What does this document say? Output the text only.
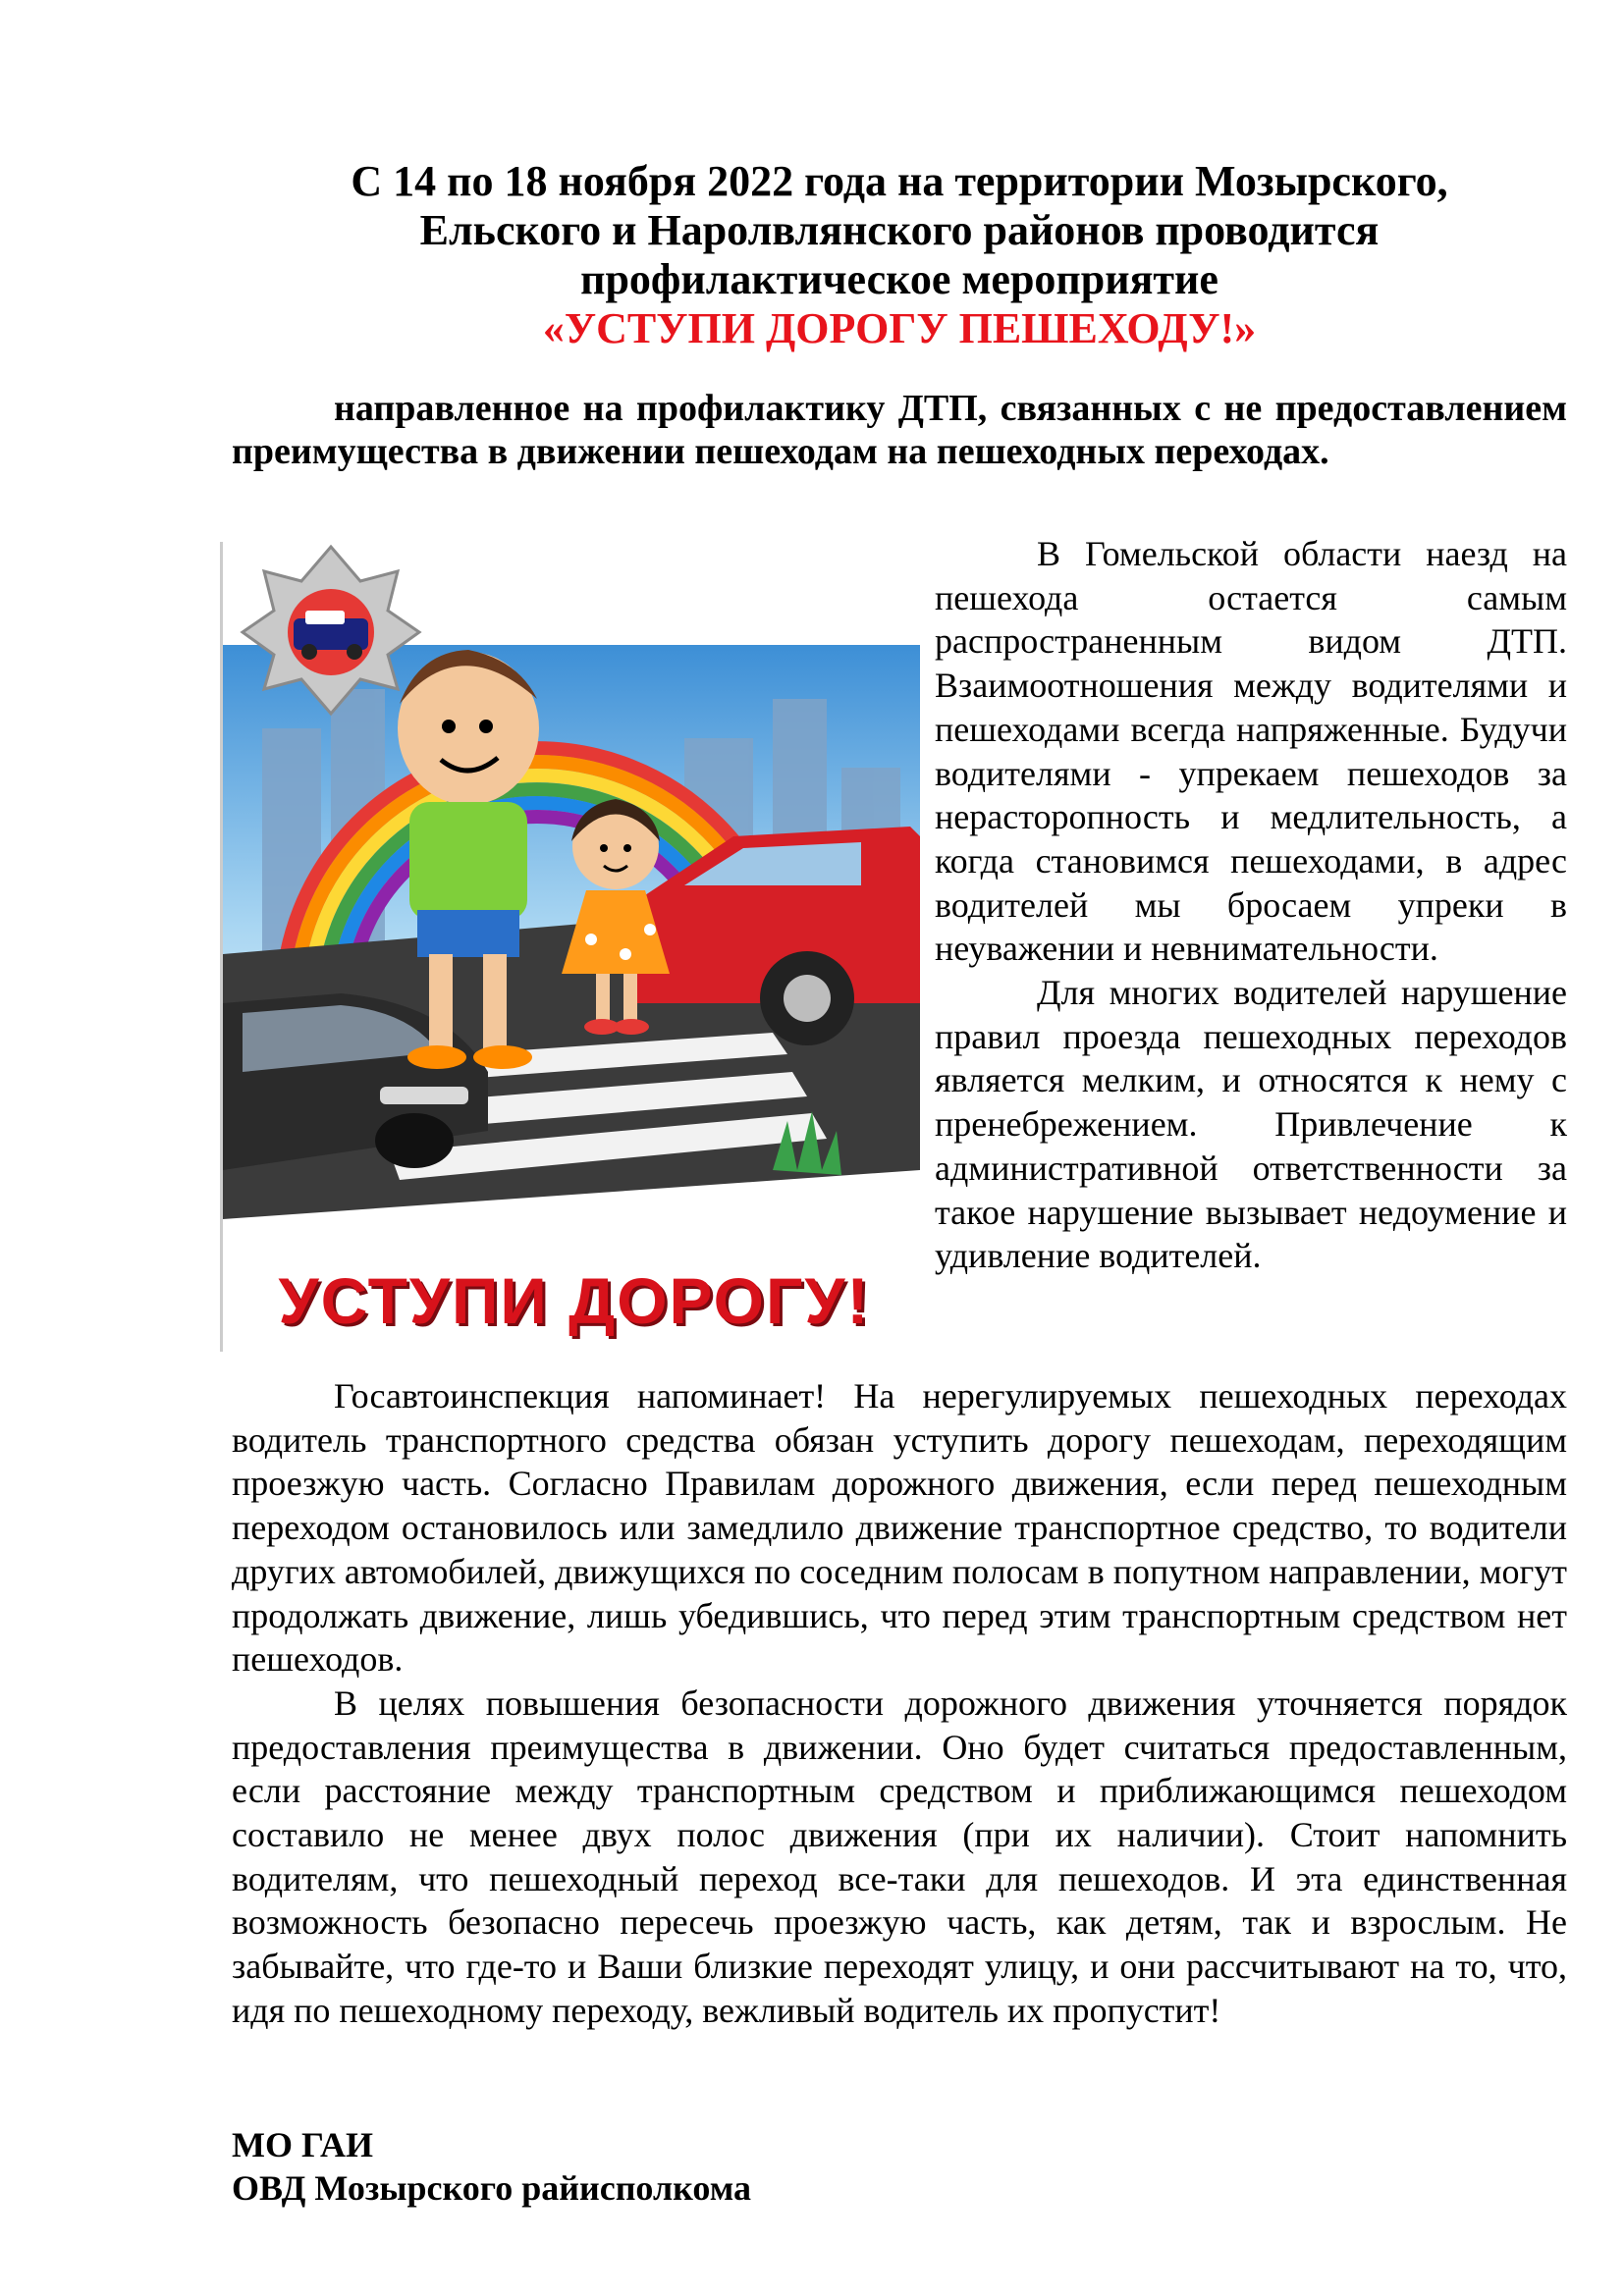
С 14 по 18 ноября 2022 года на территории Мозырского,
Ельского и Наролвлянского районов проводится
профилактическое мероприятие
«УСТУПИ ДОРОГУ ПЕШЕХОДУ!»
направленное на профилактику ДТП, связанных с не предоставлением преимущества в движении пешеходам на пешеходных переходах.
УСТУПИ ДОРОГУ!

В Гомельской области наезд на пешехода остается самым распространенным видом ДТП. Взаимоотношения между водителями и пешеходами всегда напряженные. Будучи водителями - упрекаем пешеходов за нерасторопность и медлительность, а когда становимся пешеходами, в адрес водителей мы бросаем упреки в неуважении и невнимательности.

Для многих водителей нарушение правил проезда пешеходных переходов является мелким, и относятся к нему с пренебрежением. Привлечение к административной ответственности за такое нарушение вызывает недоумение и удивление водителей.

Госавтоинспекция напоминает! На нерегулируемых пешеходных переходах водитель транспортного средства обязан уступить дорогу пешеходам, переходящим проезжую часть. Согласно Правилам дорожного движения, если перед пешеходным переходом остановилось или замедлило движение транспортное средство, то водители других автомобилей, движущихся по соседним полосам в попутном направлении, могут продолжать движение, лишь убедившись, что перед этим транспортным средством нет пешеходов.

В целях повышения безопасности дорожного движения уточняется порядок предоставления преимущества в движении. Оно будет считаться предоставленным, если расстояние между транспортным средством и приближающимся пешеходом составило не менее двух полос движения (при их наличии). Стоит напомнить водителям, что пешеходный переход все-таки для пешеходов. И эта единственная возможность безопасно пересечь проезжую часть, как детям, так и взрослым. Не забывайте, что где-то и Ваши близкие переходят улицу, и они рассчитывают на то, что, идя по пешеходному переходу, вежливый водитель их пропустит!

МО ГАИ
ОВД Мозырского райисполкома
